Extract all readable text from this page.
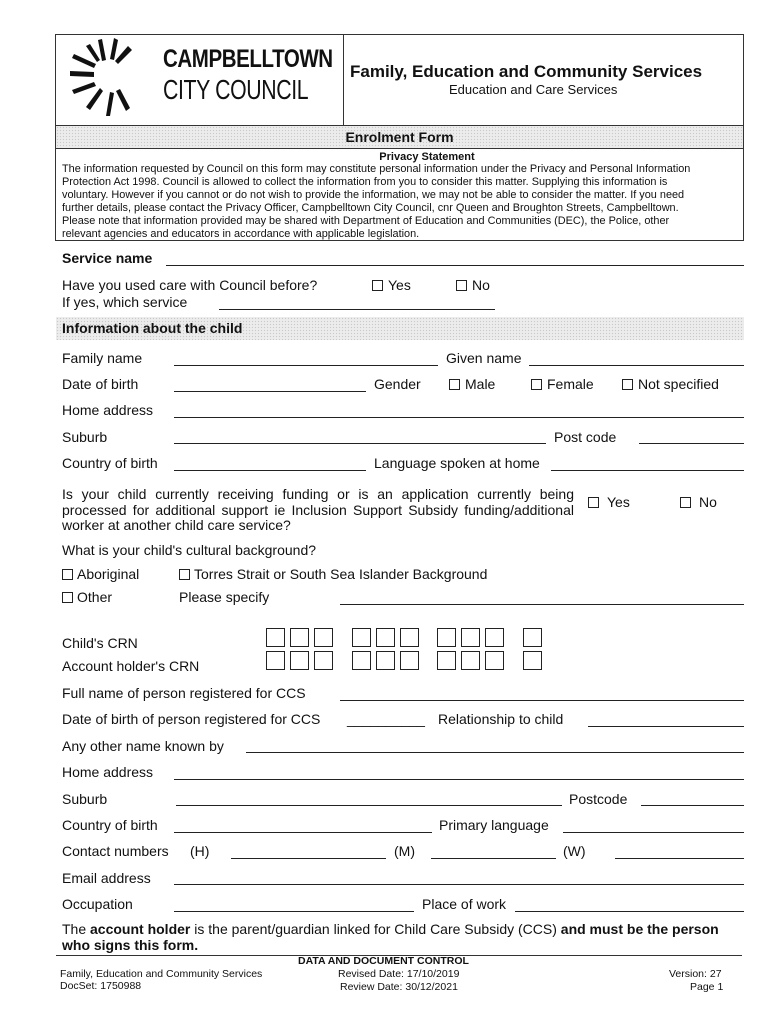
CAMPBELLTOWN
CITY COUNCIL
Family, Education and Community Services
Education and Care Services
Enrolment Form
Privacy Statement
The information requested by Council on this form may constitute personal information under the Privacy and Personal Information
Protection Act 1998. Council is allowed to collect the information from you to consider this matter. Supplying this information is
voluntary. However if you cannot or do not wish to provide the information, we may not be able to consider the matter. If you need
further details, please contact the Privacy Officer, Campbelltown City Council, cnr Queen and Broughton Streets, Campbelltown.
Please note that information provided may be shared with Department of Education and Communities (DEC), the Police, other
relevant agencies and educators in accordance with applicable legislation.
Service name
Have you used care with Council before?	Yes	No
If yes, which service
Information about the child
Family name	Given name
Date of birth	Gender	Male	Female	Not specified
Home address
Suburb	Post code
Country of birth	Language spoken at home
Is your child currently receiving funding or is an application currently being
processed for additional support ie Inclusion Support Subsidy funding/additional
worker at another child care service?
Yes	No
What is your child's cultural background?
Aboriginal	Torres Strait or South Sea Islander Background
Other	Please specify
Child's CRN
Account holder's CRN
Full name of person registered for CCS
Date of birth of person registered for CCS __________ Relationship to child
Any other name known by
Home address
Suburb	Postcode
Country of birth	Primary language
Contact numbers (H)	(M)	(W)
Email address
Occupation	Place of work
The account holder is the parent/guardian linked for Child Care Subsidy (CCS) and must be the person
who signs this form.
Family, Education and Community Services
DocSet: 1750988
DATA AND DOCUMENT CONTROL
Revised Date: 17/10/2019
Review Date: 30/12/2021
Version: 27
Page 1
